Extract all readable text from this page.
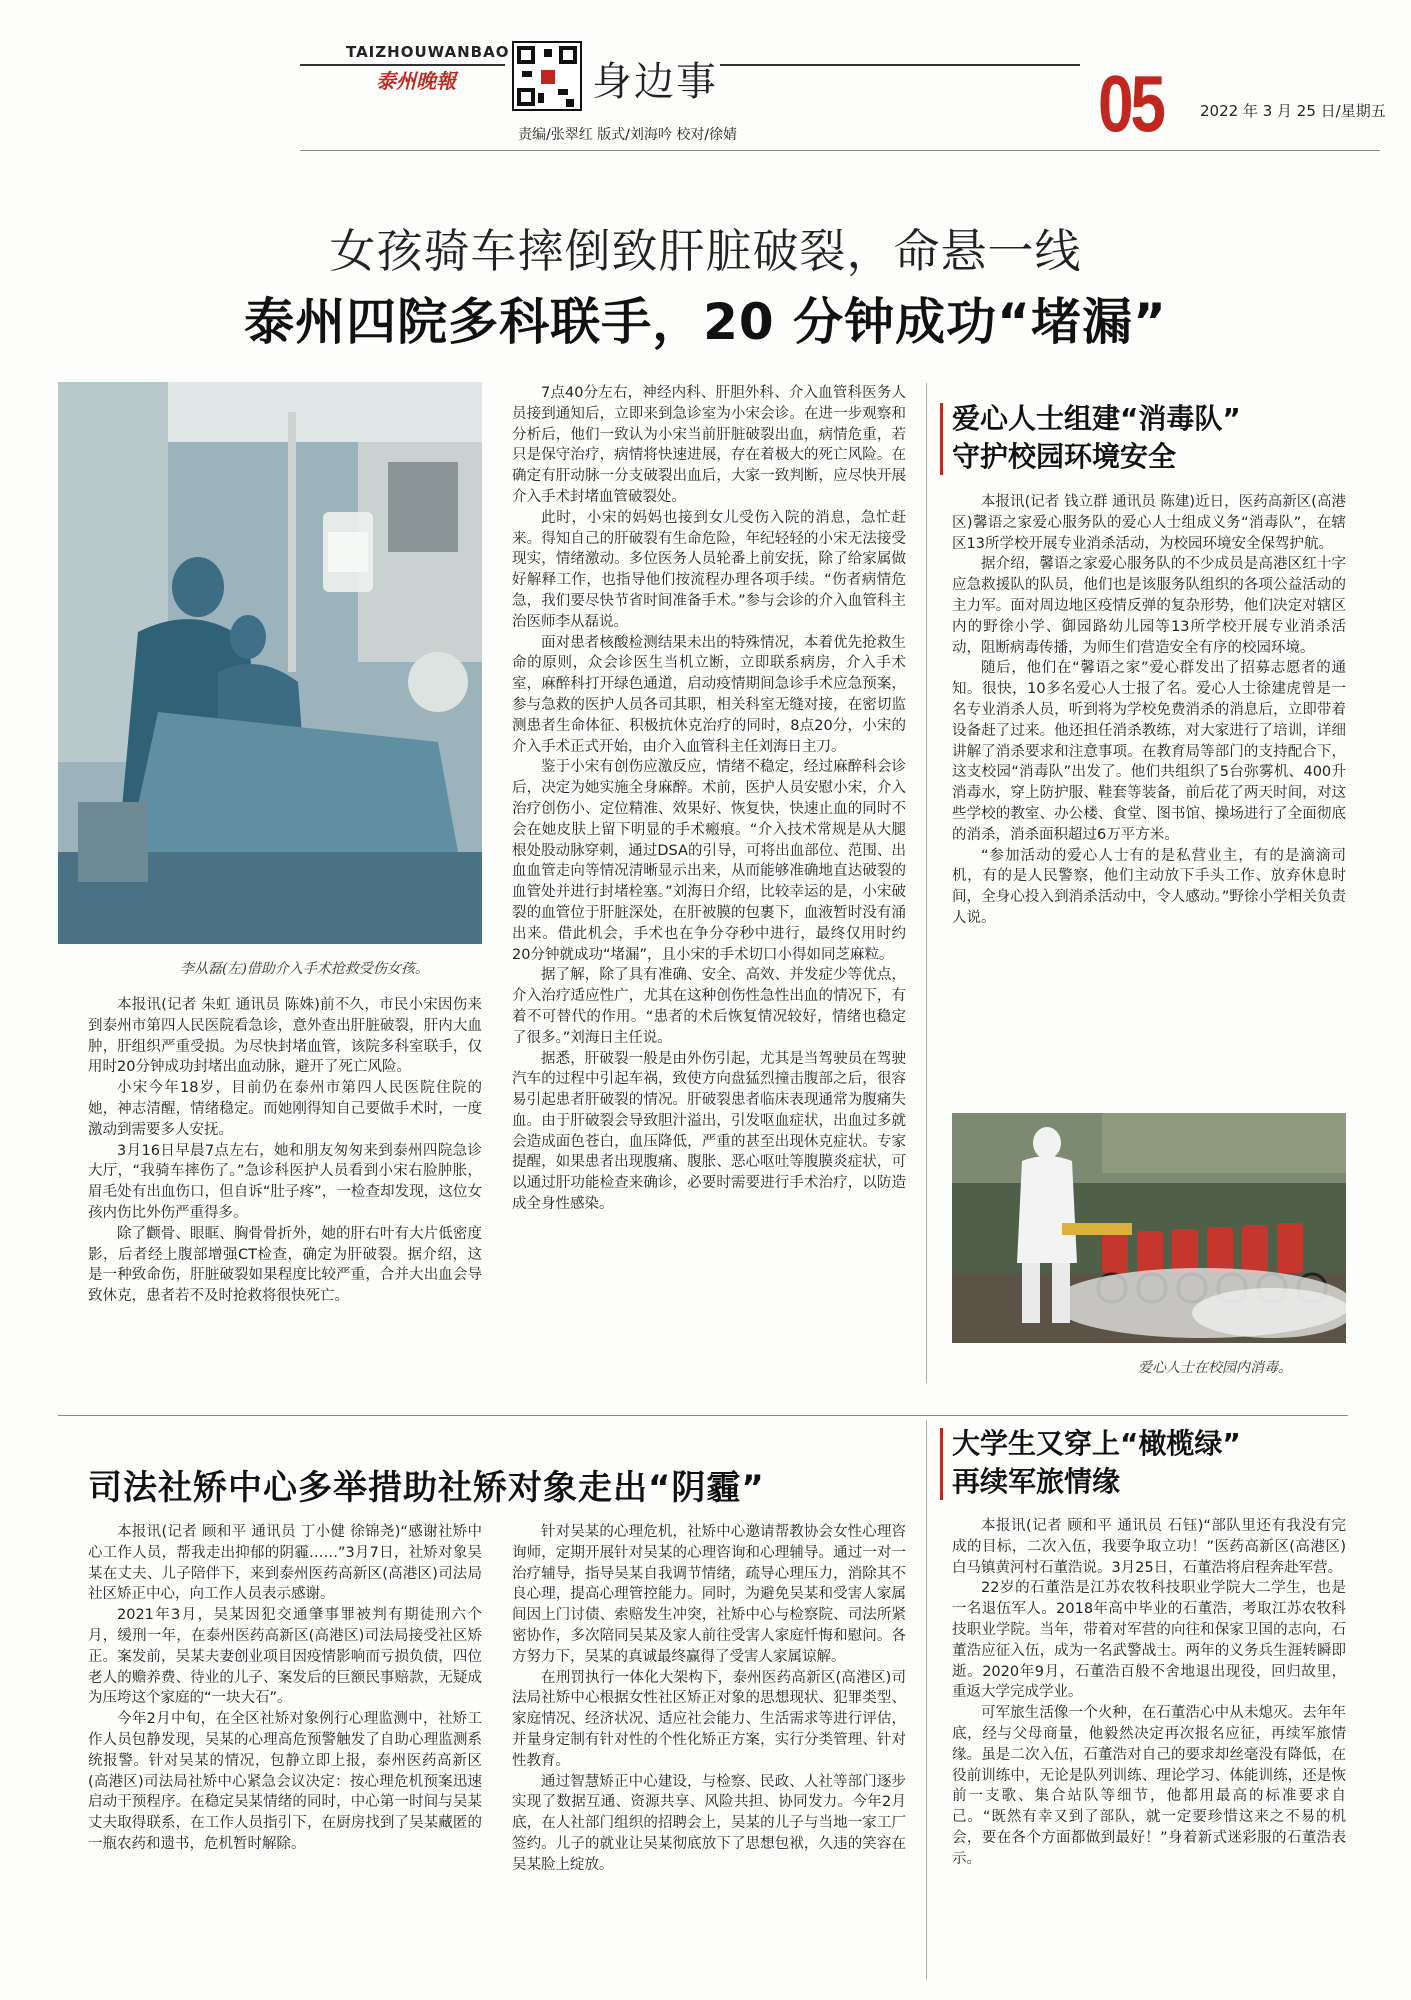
TAIZHOUWANBAO
泰州晚報	身边事	05 2022 年 3 月 25 日/星期五
责编/张翠红 版式/刘海吟 校对/徐婧
女孩骑车摔倒致肝脏破裂，命悬一线
泰州四院多科联手，20 分钟成功“堵漏”
李从磊(左)借助介入手术抢救受伤女孩。

本报讯(记者 朱虹 通讯员 陈姝)前不久，市民小宋因伤来到泰州市第四人民医院看急诊，意外查出肝脏破裂，肝内大血肿，肝组织严重受损。为尽快封堵血管，该院多科室联手，仅用时20分钟成功封堵出血动脉，避开了死亡风险。

小宋今年18岁，目前仍在泰州市第四人民医院住院的她，神志清醒，情绪稳定。而她刚得知自己要做手术时，一度激动到需要多人安抚。

3月16日早晨7点左右，她和朋友匆匆来到泰州四院急诊大厅，“我骑车摔伤了。”急诊科医护人员看到小宋右脸肿胀，眉毛处有出血伤口，但自诉“肚子疼”，一检查却发现，这位女孩内伤比外伤严重得多。

除了颧骨、眼眶、胸骨骨折外，她的肝右叶有大片低密度影，后者经上腹部增强CT检查，确定为肝破裂。据介绍，这是一种致命伤，肝脏破裂如果程度比较严重，合并大出血会导致休克，患者若不及时抢救将很快死亡。

7点40分左右，神经内科、肝胆外科、介入血管科医务人员接到通知后，立即来到急诊室为小宋会诊。在进一步观察和分析后，他们一致认为小宋当前肝脏破裂出血，病情危重，若只是保守治疗，病情将快速进展，存在着极大的死亡风险。在确定有肝动脉一分支破裂出血后，大家一致判断，应尽快开展介入手术封堵血管破裂处。

此时，小宋的妈妈也接到女儿受伤入院的消息，急忙赶来。得知自己的肝破裂有生命危险，年纪轻轻的小宋无法接受现实，情绪激动。多位医务人员轮番上前安抚，除了给家属做好解释工作，也指导他们按流程办理各项手续。“伤者病情危急，我们要尽快节省时间准备手术。”参与会诊的介入血管科主治医师李从磊说。

面对患者核酸检测结果未出的特殊情况，本着优先抢救生命的原则，众会诊医生当机立断，立即联系病房，介入手术室，麻醉科打开绿色通道，启动疫情期间急诊手术应急预案，参与急救的医护人员各司其职，相关科室无缝对接，在密切监测患者生命体征、积极抗休克治疗的同时，8点20分，小宋的介入手术正式开始，由介入血管科主任刘海日主刀。

鉴于小宋有创伤应激反应，情绪不稳定，经过麻醉科会诊后，决定为她实施全身麻醉。术前，医护人员安慰小宋，介入治疗创伤小、定位精准、效果好、恢复快，快速止血的同时不会在她皮肤上留下明显的手术瘢痕。“介入技术常规是从大腿根处股动脉穿刺，通过DSA的引导，可将出血部位、范围、出血血管走向等情况清晰显示出来，从而能够准确地直达破裂的血管处并进行封堵栓塞。”刘海日介绍，比较幸运的是，小宋破裂的血管位于肝脏深处，在肝被膜的包裹下，血液暂时没有涌出来。借此机会，手术也在争分夺秒中进行，最终仅用时约20分钟就成功“堵漏”，且小宋的手术切口小得如同芝麻粒。

据了解，除了具有准确、安全、高效、并发症少等优点，介入治疗适应性广，尤其在这种创伤性急性出血的情况下，有着不可替代的作用。“患者的术后恢复情况较好，情绪也稳定了很多。”刘海日主任说。

据悉，肝破裂一般是由外伤引起，尤其是当驾驶员在驾驶汽车的过程中引起车祸，致使方向盘猛烈撞击腹部之后，很容易引起患者肝破裂的情况。肝破裂患者临床表现通常为腹痛失血。由于肝破裂会导致胆汁溢出，引发呕血症状，出血过多就会造成面色苍白，血压降低，严重的甚至出现休克症状。专家提醒，如果患者出现腹痛、腹胀、恶心呕吐等腹膜炎症状，可以通过肝功能检查来确诊，必要时需要进行手术治疗，以防造成全身性感染。

爱心人士组建“消毒队”
守护校园环境安全

本报讯(记者 钱立群 通讯员 陈建)近日，医药高新区(高港区)馨语之家爱心服务队的爱心人士组成义务“消毒队”，在辖区13所学校开展专业消杀活动，为校园环境安全保驾护航。

据介绍，馨语之家爱心服务队的不少成员是高港区红十字应急救援队的队员，他们也是该服务队组织的各项公益活动的主力军。面对周边地区疫情反弹的复杂形势，他们决定对辖区内的野徐小学、御园路幼儿园等13所学校开展专业消杀活动，阻断病毒传播，为师生们营造安全有序的校园环境。

随后，他们在“馨语之家”爱心群发出了招募志愿者的通知。很快，10多名爱心人士报了名。爱心人士徐建虎曾是一名专业消杀人员，听到将为学校免费消杀的消息后，立即带着设备赶了过来。他还担任消杀教练，对大家进行了培训，详细讲解了消杀要求和注意事项。在教育局等部门的支持配合下，这支校园“消毒队”出发了。他们共组织了5台弥雾机、400升消毒水，穿上防护服、鞋套等装备，前后花了两天时间，对这些学校的教室、办公楼、食堂、图书馆、操场进行了全面彻底的消杀，消杀面积超过6万平方米。

“参加活动的爱心人士有的是私营业主，有的是滴滴司机，有的是人民警察，他们主动放下手头工作、放弃休息时间，全身心投入到消杀活动中，令人感动。”野徐小学相关负责人说。

爱心人士在校园内消毒。
司法社矫中心多举措助社矫对象走出“阴霾”

本报讯(记者 顾和平 通讯员 丁小健 徐锦尧)“感谢社矫中心工作人员，帮我走出抑郁的阴霾……”3月7日，社矫对象吴某在丈夫、儿子陪伴下，来到泰州医药高新区(高港区)司法局社区矫正中心，向工作人员表示感谢。

2021年3月，吴某因犯交通肇事罪被判有期徒刑六个月，缓刑一年，在泰州医药高新区(高港区)司法局接受社区矫正。案发前，吴某夫妻创业项目因疫情影响而亏损负债，四位老人的赡养费、待业的儿子、案发后的巨额民事赔款，无疑成为压垮这个家庭的“一块大石”。

今年2月中旬，在全区社矫对象例行心理监测中，社矫工作人员包静发现，吴某的心理高危预警触发了自助心理监测系统报警。针对吴某的情况，包静立即上报，泰州医药高新区(高港区)司法局社矫中心紧急会议决定：按心理危机预案迅速启动干预程序。在稳定吴某情绪的同时，中心第一时间与吴某丈夫取得联系，在工作人员指引下，在厨房找到了吴某藏匿的一瓶农药和遗书，危机暂时解除。

针对吴某的心理危机，社矫中心邀请帮教协会女性心理咨询师，定期开展针对吴某的心理咨询和心理辅导。通过一对一治疗辅导，指导吴某自我调节情绪，疏导心理压力，消除其不良心理，提高心理管控能力。同时，为避免吴某和受害人家属间因上门讨债、索赔发生冲突，社矫中心与检察院、司法所紧密协作，多次陪同吴某及家人前往受害人家庭忏悔和慰问。各方努力下，吴某的真诚最终赢得了受害人家属谅解。

在刑罚执行一体化大架构下，泰州医药高新区(高港区)司法局社矫中心根据女性社区矫正对象的思想现状、犯罪类型、家庭情况、经济状况、适应社会能力、生活需求等进行评估，并量身定制有针对性的个性化矫正方案，实行分类管理、针对性教育。

通过智慧矫正中心建设，与检察、民政、人社等部门逐步实现了数据互通、资源共享、风险共担、协同发力。今年2月底，在人社部门组织的招聘会上，吴某的儿子与当地一家工厂签约。儿子的就业让吴某彻底放下了思想包袱，久违的笑容在吴某脸上绽放。

大学生又穿上“橄榄绿”
再续军旅情缘

本报讯(记者 顾和平 通讯员 石钰)“部队里还有我没有完成的目标，二次入伍，我要争取立功！”医药高新区(高港区)白马镇黄河村石董浩说。3月25日，石董浩将启程奔赴军营。

22岁的石董浩是江苏农牧科技职业学院大二学生，也是一名退伍军人。2018年高中毕业的石董浩，考取江苏农牧科技职业学院。当年，带着对军营的向往和保家卫国的志向，石董浩应征入伍，成为一名武警战士。两年的义务兵生涯转瞬即逝。2020年9月，石董浩百般不舍地退出现役，回归故里，重返大学完成学业。

可军旅生活像一个火种，在石董浩心中从未熄灭。去年年底，经与父母商量，他毅然决定再次报名应征，再续军旅情缘。虽是二次入伍，石董浩对自己的要求却丝毫没有降低，在役前训练中，无论是队列训练、理论学习、体能训练，还是恢前一支歌、集合站队等细节，他都用最高的标准要求自己。“既然有幸又到了部队，就一定要珍惜这来之不易的机会，要在各个方面都做到最好！”身着新式迷彩服的石董浩表示。
